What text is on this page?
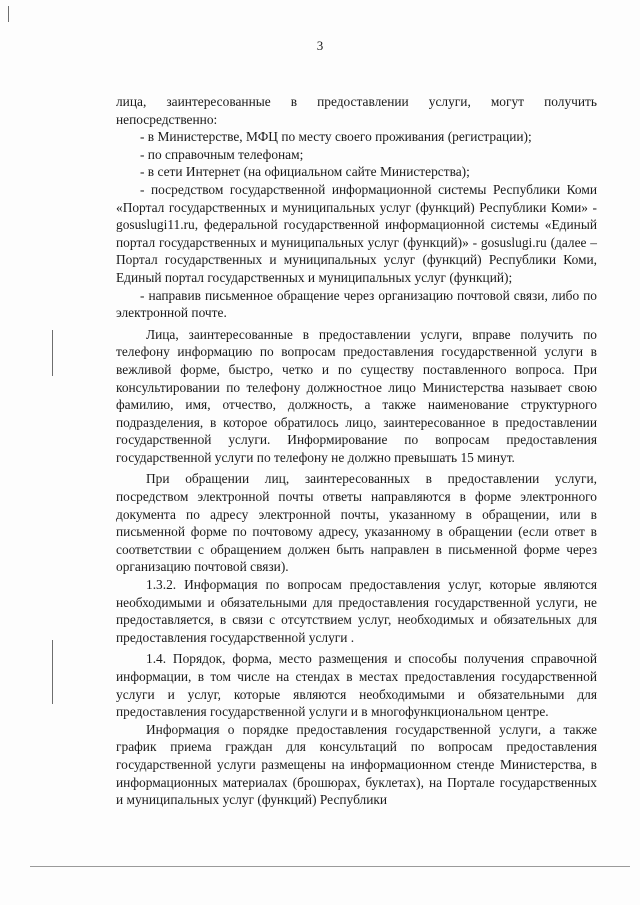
3

лица, заинтересованные в предоставлении услуги, могут получить непосредственно:

- в Министерстве, МФЦ по месту своего проживания (регистрации);

- по справочным телефонам;

- в сети Интернет (на официальном сайте Министерства);

- посредством государственной информационной системы Республики Коми «Портал государственных и муниципальных услуг (функций) Республики Коми» - gosuslugi11.ru, федеральной государственной информационной системы «Единый портал государственных и муниципальных услуг (функций)» - gosuslugi.ru (далее – Портал государственных и муниципальных услуг (функций) Республики Коми, Единый портал государственных и муниципальных услуг (функций);

- направив письменное обращение через организацию почтовой связи, либо по электронной почте.

Лица, заинтересованные в предоставлении услуги, вправе получить по телефону информацию по вопросам предоставления государственной услуги в вежливой форме, быстро, четко и по существу поставленного вопроса. При консультировании по телефону должностное лицо Министерства называет свою фамилию, имя, отчество, должность, а также наименование структурного подразделения, в которое обратилось лицо, заинтересованное в предоставлении государственной услуги. Информирование по вопросам предоставления государственной услуги по телефону не должно превышать 15 минут.

При обращении лиц, заинтересованных в предоставлении услуги, посредством электронной почты ответы направляются в форме электронного документа по адресу электронной почты, указанному в обращении, или в письменной форме по почтовому адресу, указанному в обращении (если ответ в соответствии с обращением должен быть направлен в письменной форме через организацию почтовой связи).

1.3.2. Информация по вопросам предоставления услуг, которые являются необходимыми и обязательными для предоставления государственной услуги, не предоставляется, в связи с отсутствием услуг, необходимых и обязательных для предоставления государственной услуги .

1.4. Порядок, форма, место размещения и способы получения справочной информации, в том числе на стендах в местах предоставления государственной услуги и услуг, которые являются необходимыми и обязательными для предоставления государственной услуги и в многофункциональном центре.

Информация о порядке предоставления государственной услуги, а также график приема граждан для консультаций по вопросам предоставления государственной услуги размещены на информационном стенде Министерства, в информационных материалах (брошюрах, буклетах), на Портале государственных и муниципальных услуг (функций) Республики
